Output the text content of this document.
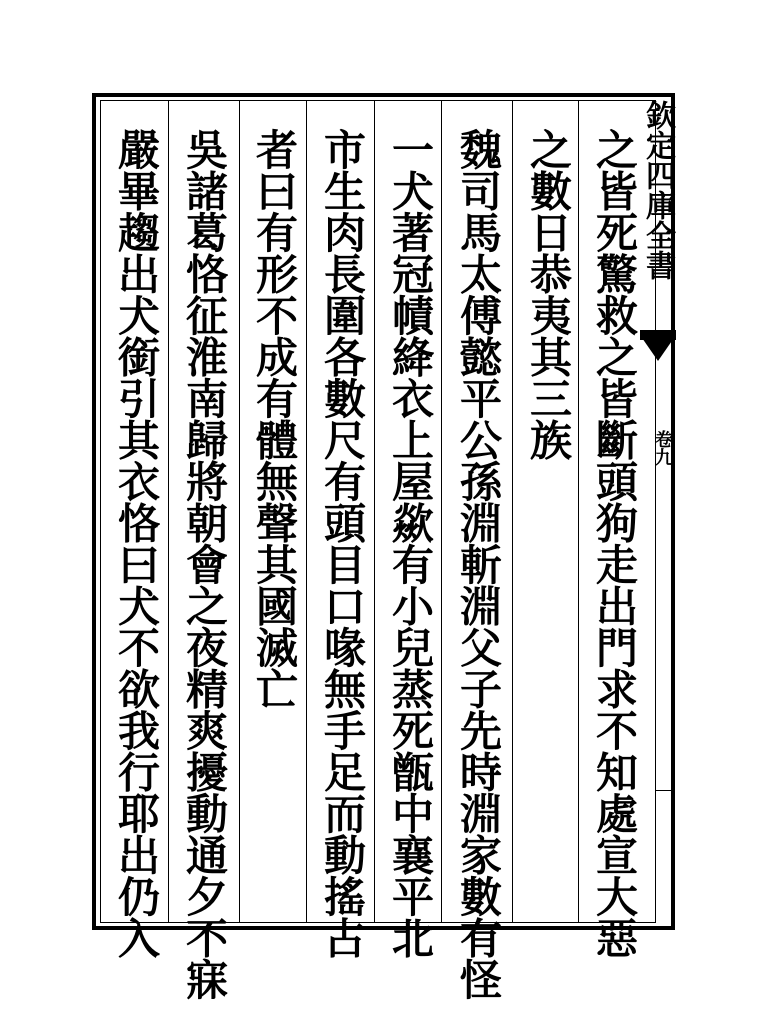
之皆死驚救之皆斷頭狗走出門求不知處宣大惡
之數日恭夷其三族
魏司馬太傅懿平公孫淵斬淵父子先時淵家數有怪
一犬著冠幘絳衣上屋歘有小兒蒸死甑中襄平北
市生肉長圍各數尺有頭目口喙無手足而動搖占
者曰有形不成有體無聲其國滅亡
吳諸葛恪征淮南歸將朝會之夜精爽擾動通夕不寐
嚴畢趨出犬銜引其衣恪曰犬不欲我行耶出仍入	欽定四庫全書
卷九
